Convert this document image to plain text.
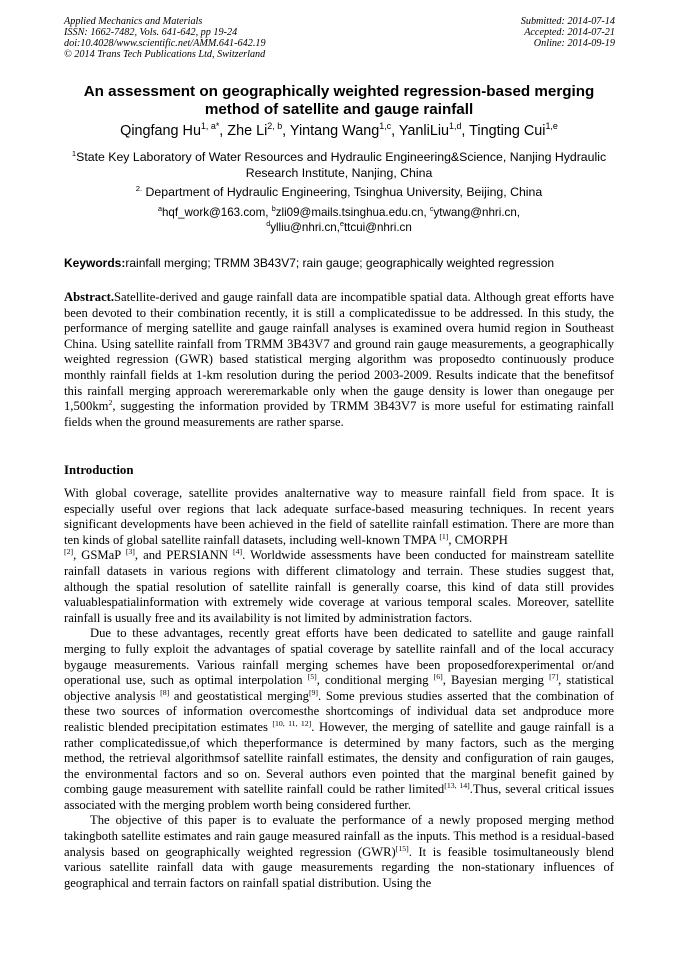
Applied Mechanics and Materials
ISSN: 1662-7482, Vols. 641-642, pp 19-24
doi:10.4028/www.scientific.net/AMM.641-642.19
© 2014 Trans Tech Publications Ltd, Switzerland
Submitted: 2014-07-14
Accepted: 2014-07-21
Online: 2014-09-19
An assessment on geographically weighted regression-based merging
method of satellite and gauge rainfall
Qingfang $Hu^{1, a*}$, Zhe Li$^{2, b}$, Yintang Wang$^{1,c}$, YanliLiu$^{1,d}$, Tingting Cui$^{1,e}$
$^1$State Key Laboratory of Water Resources and Hydraulic Engineering&Science, Nanjing Hydraulic
Research Institute, Nanjing, China
$^{2.}$ Department of Hydraulic Engineering, Tsinghua University, Beijing, China
$^a$hqf_work@163.com, $^b$zli09@mails.tsinghua.edu.cn, $^c$ytwang@nhri.cn,
$^d$ylliu@nhri.cn,$^e$ttcui@nhri.cn
Keywords:rainfall merging; TRMM 3B43V7; rain gauge; geographically weighted regression
Abstract.Satellite-derived and gauge rainfall data are incompatible spatial data. Although great efforts have been devoted to their combination recently, it is still a complicatedissue to be addressed. In this study, the performance of merging satellite and gauge rainfall analyses is examined overa humid region in Southeast China. Using satellite rainfall from TRMM 3B43V7 and ground rain gauge measurements, a geographically weighted regression (GWR) based statistical merging algorithm was proposedto continuously produce monthly rainfall fields at 1-km resolution during the period 2003-2009. Results indicate that the benefitsof this rainfall merging approach wereremarkable only when the gauge density is lower than onegauge per $1,500km^2$, suggesting the information provided by TRMM 3B43V7 is more useful for estimating rainfall fields when the ground measurements are rather sparse.
Introduction

With global coverage, satellite provides analternative way to measure rainfall field from space. It is especially useful over regions that lack adequate surface-based measuring techniques. In recent years significant developments have been achieved in the field of satellite rainfall estimation. There are more than ten kinds of global satellite rainfall datasets, including well-known TMPA [1], CMORPH
[2], GSMaP [3], and PERSIANN [4]. Worldwide assessments have been conducted for mainstream satellite rainfall datasets in various regions with different climatology and terrain. These studies suggest that, although the spatial resolution of satellite rainfall is generally coarse, this kind of data still provides valuablespatialinformation with extremely wide coverage at various temporal scales. Moreover, satellite rainfall is usually free and its availability is not limited by administration factors.

Due to these advantages, recently great efforts have been dedicated to satellite and gauge rainfall merging to fully exploit the advantages of spatial coverage by satellite rainfall and of the local accuracy bygauge measurements. Various rainfall merging schemes have been proposedforexperimental or/and operational use, such as optimal interpolation [5], conditional merging [6], Bayesian merging [7], statistical objective analysis [8] and geostatistical merging[9]. Some previous studies asserted that the combination of these two sources of information overcomesthe shortcomings of individual data set andproduce more realistic blended precipitation estimates [10, 11, 12]. However, the merging of satellite and gauge rainfall is a rather complicatedissue,of which theperformance is determined by many factors, such as the merging method, the retrieval algorithmsof satellite rainfall estimates, the density and configuration of rain gauges, the environmental factors and so on. Several authors even pointed that the marginal benefit gained by combing gauge measurement with satellite rainfall could be rather limited[13, 14].Thus, several critical issues associated with the merging problem worth being considered further.

The objective of this paper is to evaluate the performance of a newly proposed merging method takingboth satellite estimates and rain gauge measured rainfall as the inputs. This method is a residual-based analysis based on geographically weighted regression (GWR)[15]. It is feasible tosimultaneously blend various satellite rainfall data with gauge measurements regarding the non-stationary influences of geographical and terrain factors on rainfall spatial distribution. Using the
